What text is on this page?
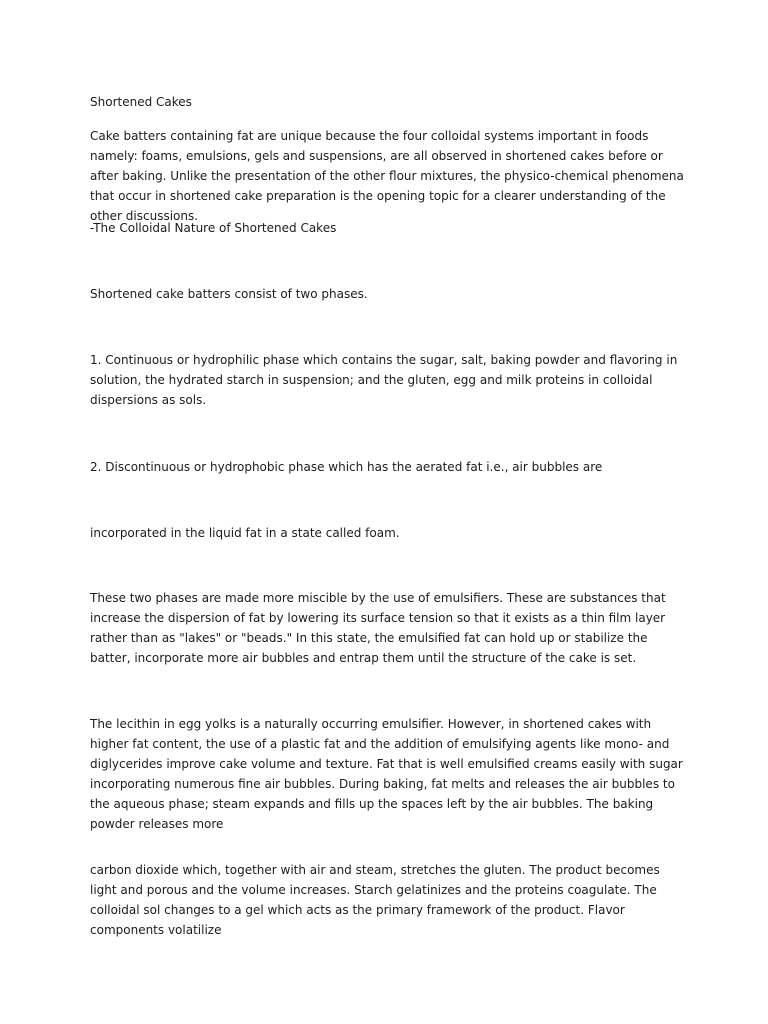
Shortened Cakes

Cake batters containing fat are unique because the four colloidal systems important in foods namely: foams, emulsions, gels and suspensions, are all observed in shortened cakes before or after baking. Unlike the presentation of the other flour mixtures, the physico-chemical phenomena that occur in shortened cake preparation is the opening topic for a clearer understanding of the other discussions.

-The Colloidal Nature of Shortened Cakes

Shortened cake batters consist of two phases.

1. Continuous or hydrophilic phase which contains the sugar, salt, baking powder and flavoring in solution, the hydrated starch in suspension; and the gluten, egg and milk proteins in colloidal dispersions as sols.

2. Discontinuous or hydrophobic phase which has the aerated fat i.e., air bubbles are

incorporated in the liquid fat in a state called foam.

These two phases are made more miscible by the use of emulsifiers. These are substances that increase the dispersion of fat by lowering its surface tension so that it exists as a thin film layer rather than as "lakes" or "beads." In this state, the emulsified fat can hold up or stabilize the batter, incorporate more air bubbles and entrap them until the structure of the cake is set.

The lecithin in egg yolks is a naturally occurring emulsifier. However, in shortened cakes with higher fat content, the use of a plastic fat and the addition of emulsifying agents like mono- and diglycerides improve cake volume and texture. Fat that is well emulsified creams easily with sugar incorporating numerous fine air bubbles. During baking, fat melts and releases the air bubbles to the aqueous phase; steam expands and fills up the spaces left by the air bubbles. The baking powder releases more

carbon dioxide which, together with air and steam, stretches the gluten. The product becomes light and porous and the volume increases. Starch gelatinizes and the proteins coagulate. The colloidal sol changes to a gel which acts as the primary framework of the product. Flavor components volatilize
